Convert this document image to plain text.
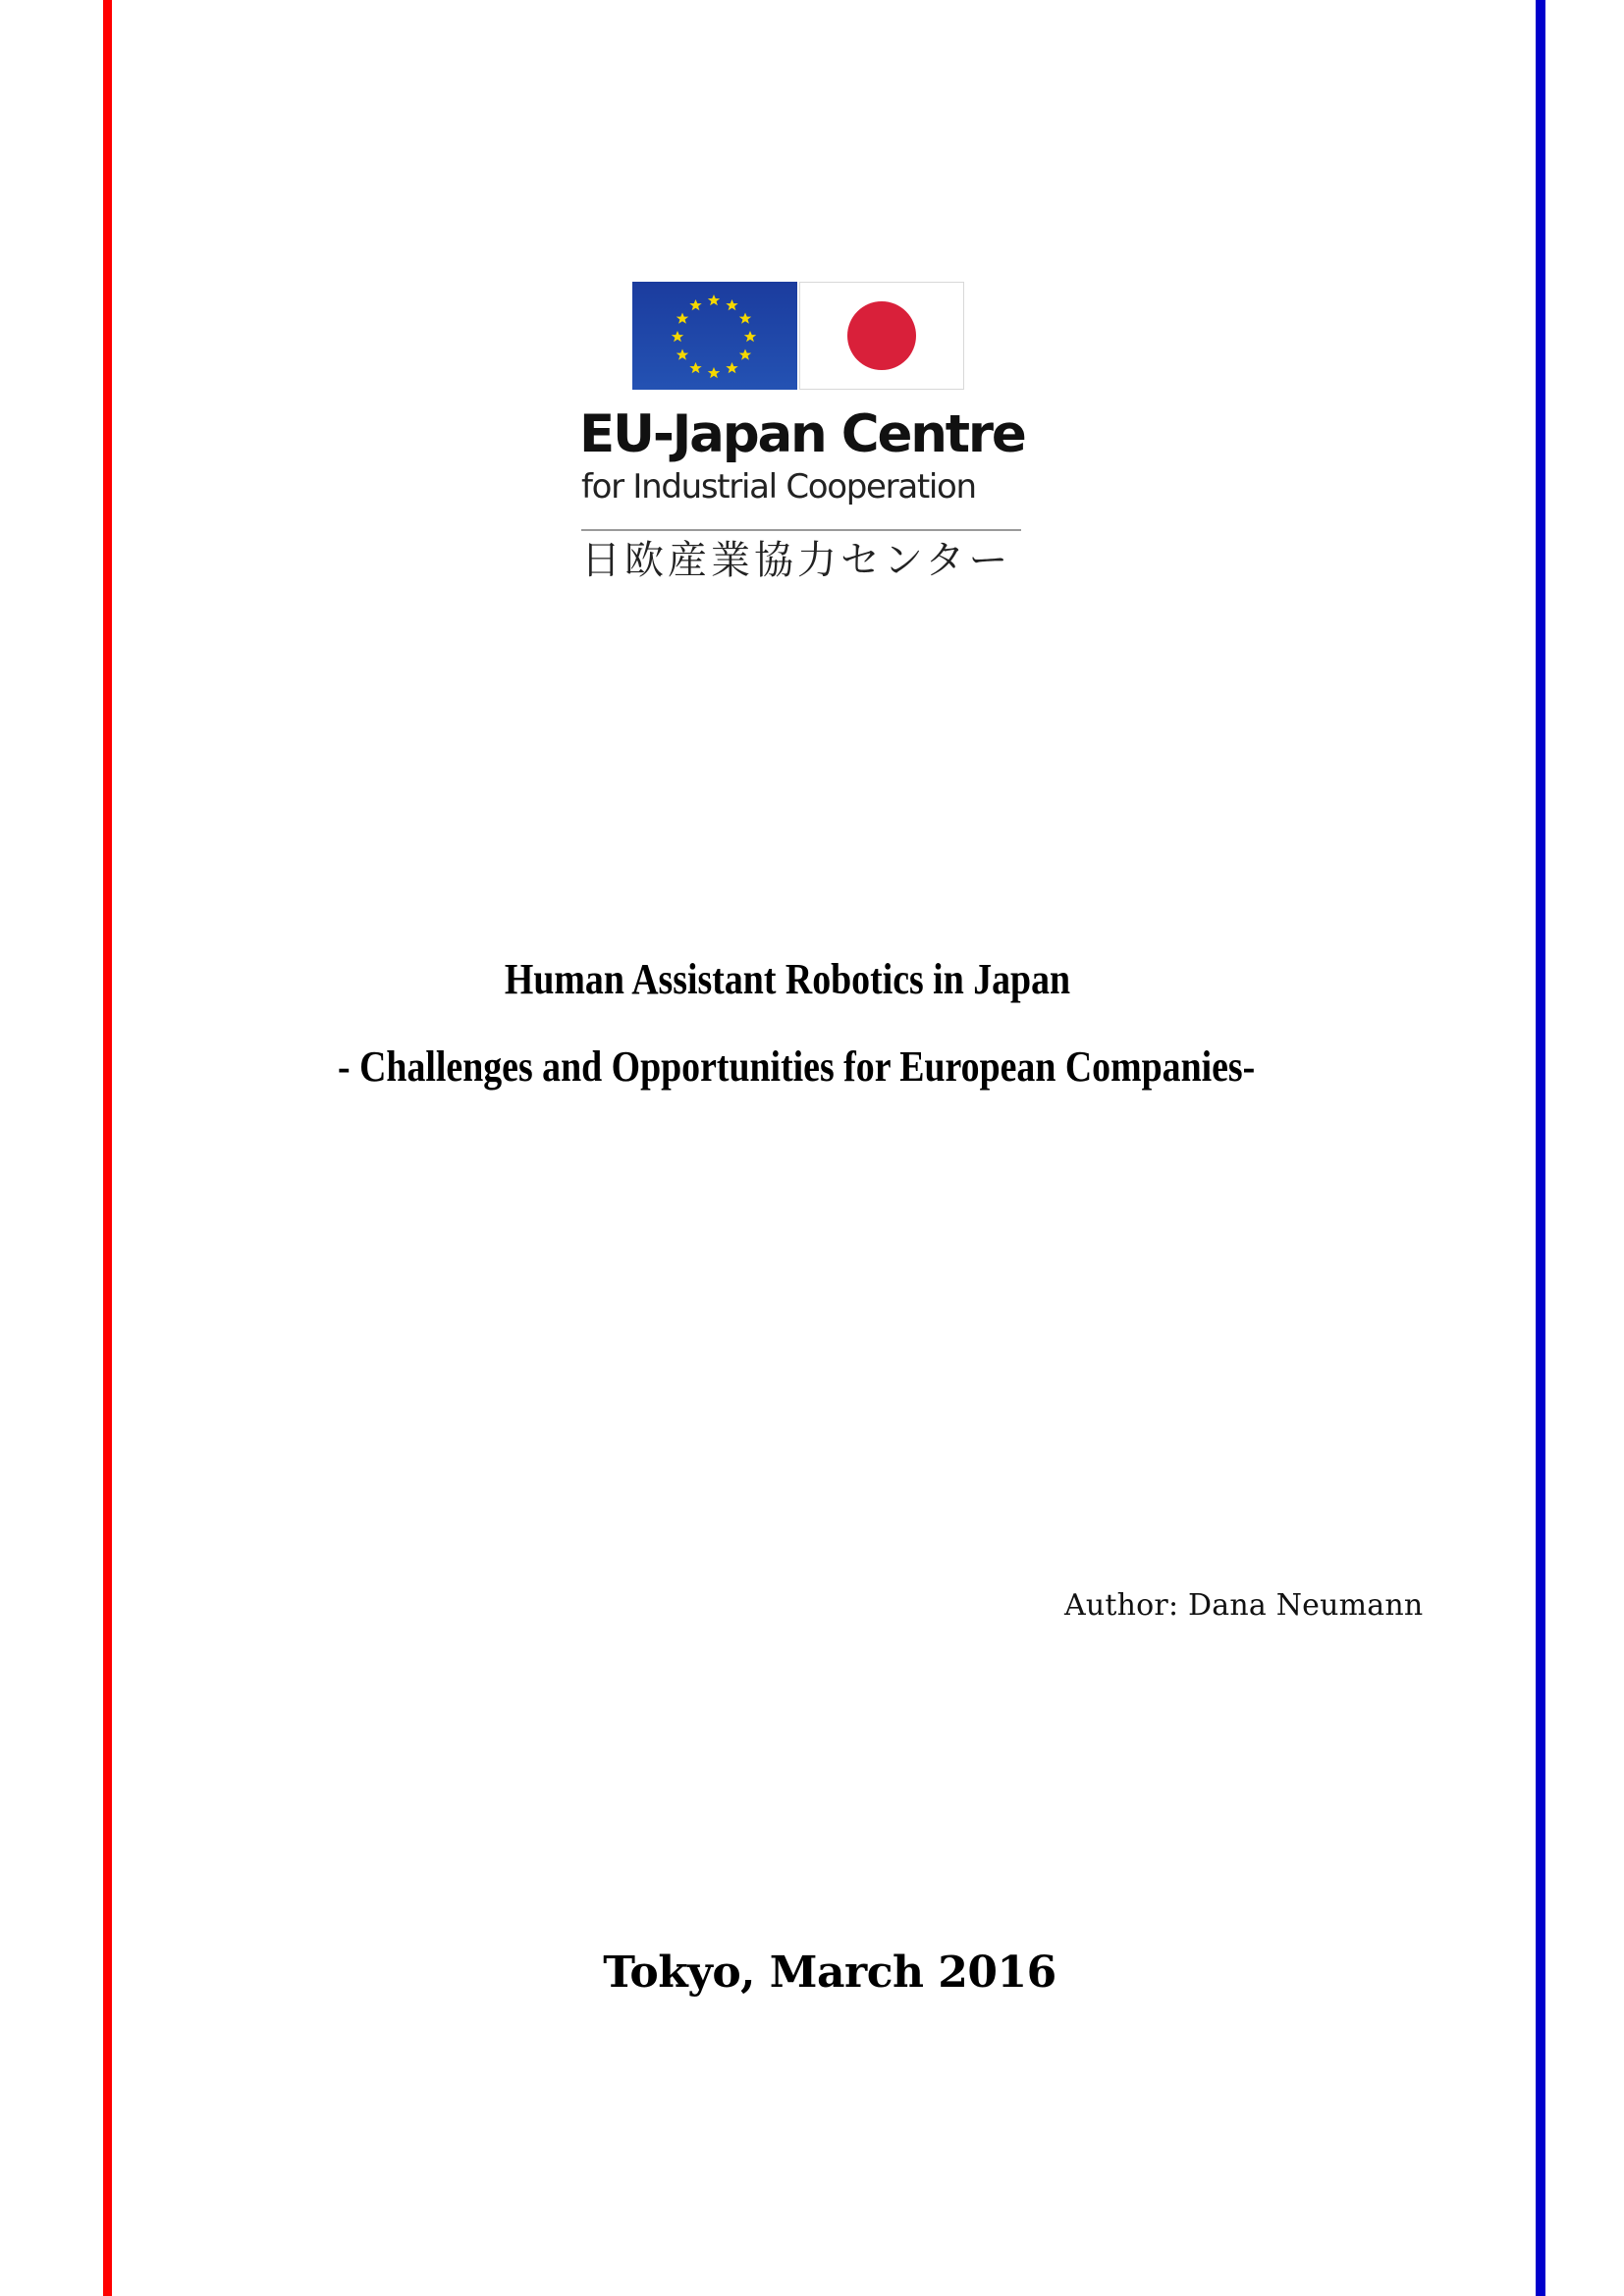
EU-Japan Centre
for Industrial Cooperation
日欧産業協力センター
Human Assistant Robotics in Japan
- Challenges and Opportunities for European Companies-
Author: Dana Neumann
Tokyo, March 2016
